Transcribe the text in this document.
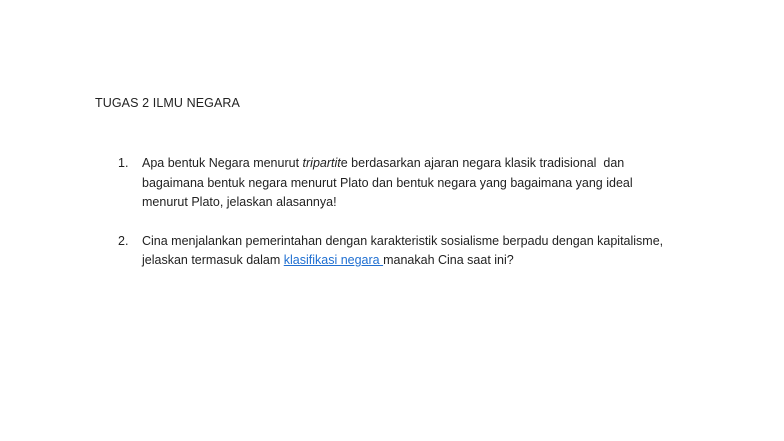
TUGAS 2 ILMU NEGARA
1. Apa bentuk Negara menurut tripartite berdasarkan ajaran negara klasik tradisional  dan bagaimana bentuk negara menurut Plato dan bentuk negara yang bagaimana yang ideal menurut Plato, jelaskan alasannya!
2. Cina menjalankan pemerintahan dengan karakteristik sosialisme berpadu dengan kapitalisme, jelaskan termasuk dalam klasifikasi negara manakah Cina saat ini?
